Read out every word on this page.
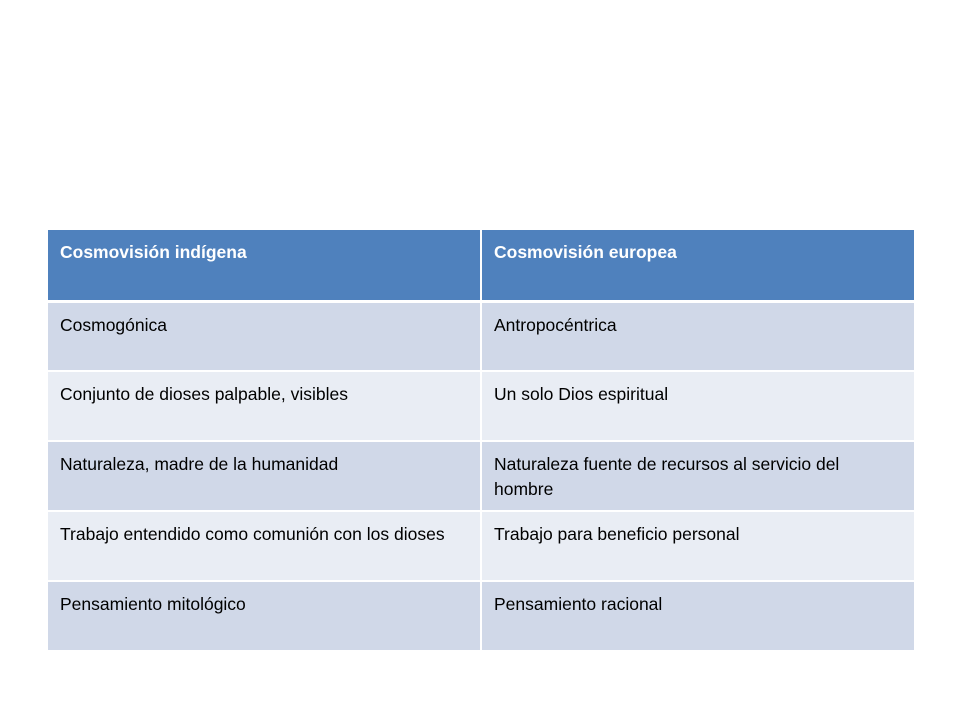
Cosmovisión indígena	Cosmovisión europea
Cosmogónica	Antropocéntrica
Conjunto de dioses palpable, visibles	Un solo Dios espiritual
Naturaleza, madre de la humanidad	Naturaleza fuente de recursos al servicio del hombre
Trabajo entendido como comunión con los dioses	Trabajo para beneficio personal
Pensamiento mitológico	Pensamiento racional
